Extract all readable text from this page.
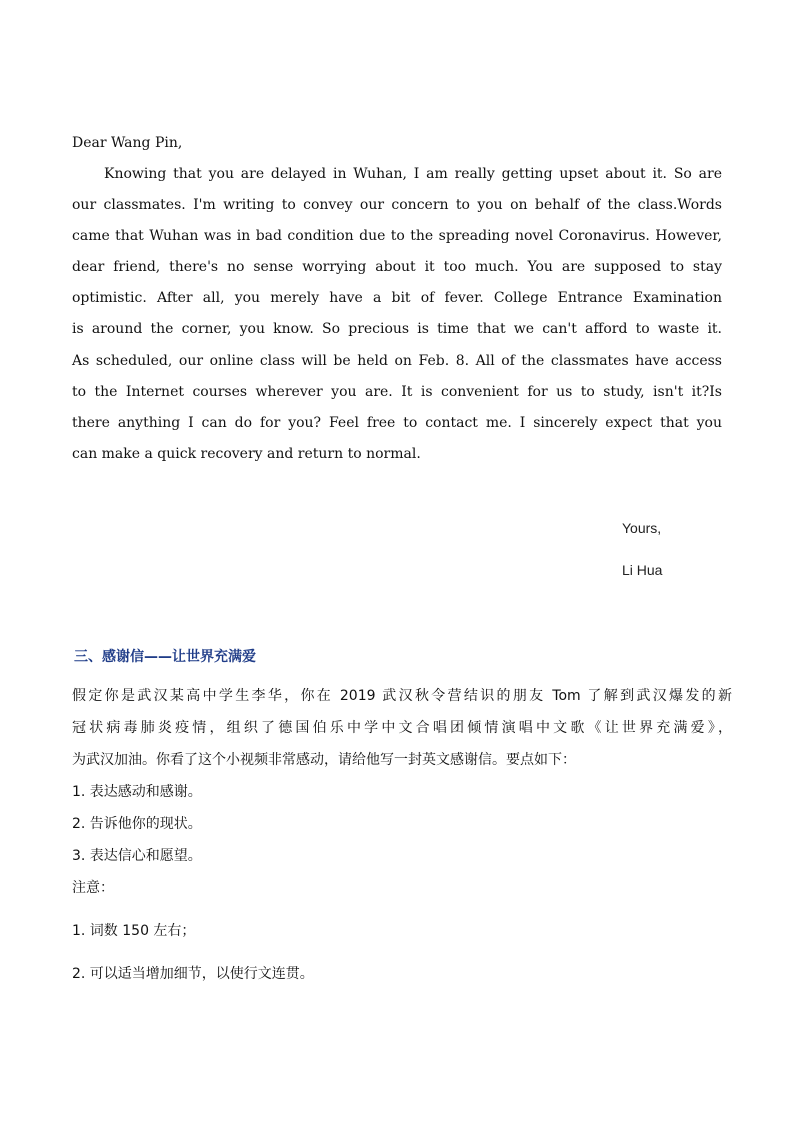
Dear Wang Pin,

Knowing that you are delayed in Wuhan, I am really getting upset about it. So are
our classmates. I'm writing to convey our concern to you on behalf of the class.Words
came that Wuhan was in bad condition due to the spreading novel Coronavirus. However,
dear friend, there's no sense worrying about it too much. You are supposed to stay
optimistic. After all, you merely have a bit of fever. College Entrance Examination
is around the corner, you know. So precious is time that we can't afford to waste it.
As scheduled, our online class will be held on Feb. 8. All of the classmates have access
to the Internet courses wherever you are. It is convenient for us to study, isn't it?Is
there anything I can do for you? Feel free to contact me. I sincerely expect that you
can make a quick recovery and return to normal.
Yours,
Li Hua
三、感谢信——让世界充满爱
假定你是武汉某高中学生李华，你在 2019 武汉秋令营结识的朋友 Tom 了解到武汉爆发的新
冠状病毒肺炎疫情，组织了德国伯乐中学中文合唱团倾情演唱中文歌《让世界充满爱》，
为武汉加油。你看了这个小视频非常感动，请给他写一封英文感谢信。要点如下：
1. 表达感动和感谢。
2. 告诉他你的现状。
3. 表达信心和愿望。
注意：
1. 词数 150 左右；
2. 可以适当增加细节，以使行文连贯。
